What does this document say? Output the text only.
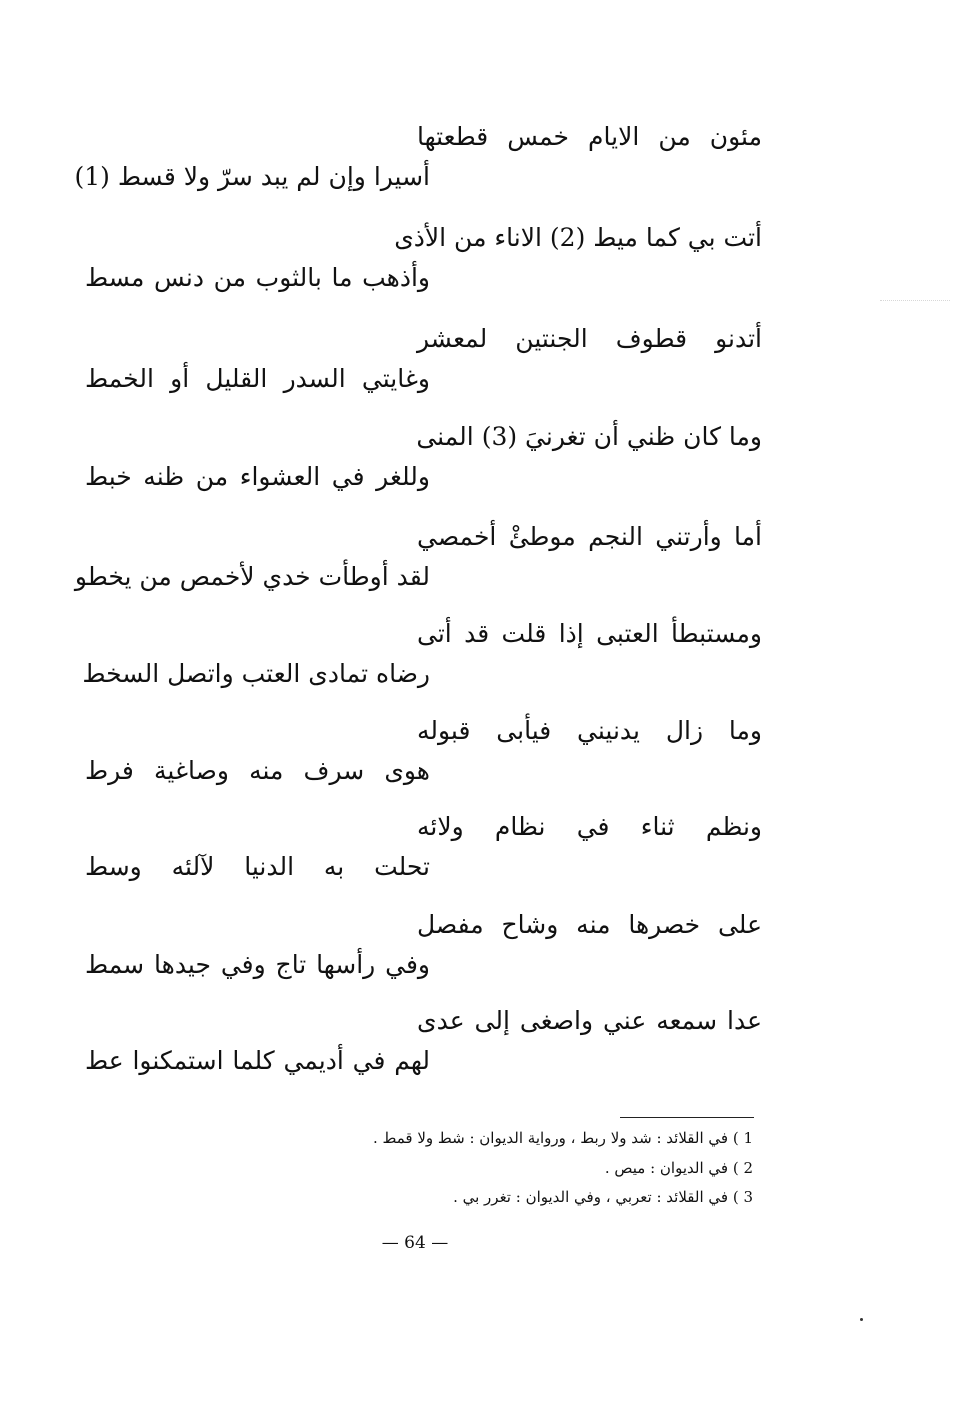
مئون من الايام خمس قطعتها
أسيرا وإن لم يبد سرّ ولا قسط (1)
أتت بي كما ميط (2) الاناء من الأذى
وأذهب ما بالثوب من دنس مسط
أتدنو قطوف الجنتين لمعشر
وغايتي السدر القليل أو الخمط
وما كان ظني أن تغرنيَ (3) المنى
وللغر في العشواء من ظنه خبط
أما وأرتني النجم موطئْ أخمصي
لقد أوطأت خدي لأخمص من يخطو
ومستبطأ العتبى إذا قلت قد أتى
رضاه تمادى العتب واتصل السخط
وما زال يدنيني فيأبى قبوله
هوى سرف منه وصاغية فرط
ونظم ثناء في نظام ولائه
تحلت به الدنيا لآلئه وسط
على خصرها منه وشاح مفصل
وفي رأسها تاج وفي جيدها سمط
عدا سمعه عني واصغى إلى عدى
لهم في أديمي كلما استمكنوا عط
1 ) في القلائد : شد ولا ربط ، ورواية الديوان : شط ولا قمط .
2 ) في الديوان : ميص .
3 ) في القلائد : تعربي ، وفي الديوان : تغرر بي .
— 64 —
